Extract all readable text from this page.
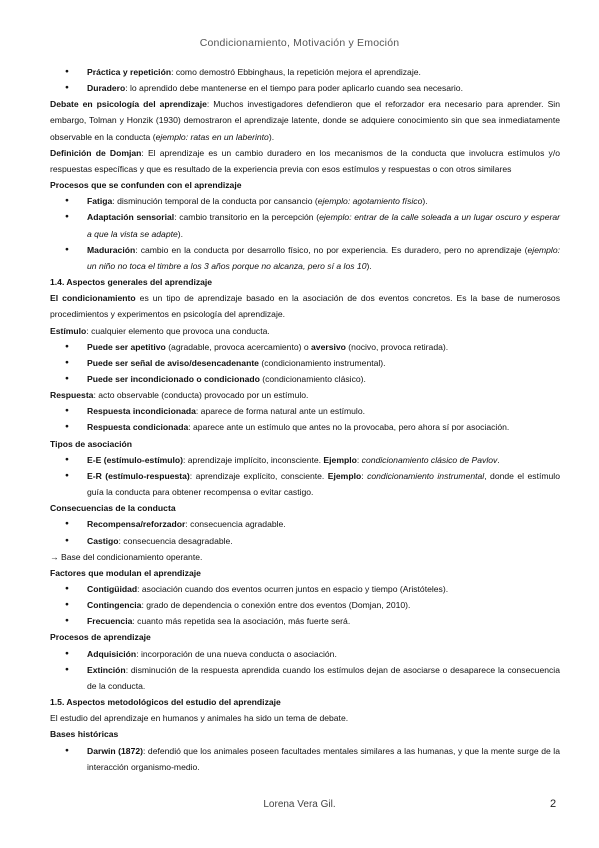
Condicionamiento, Motivación y Emoción
● Práctica y repetición: como demostró Ebbinghaus, la repetición mejora el aprendizaje.
● Duradero: lo aprendido debe mantenerse en el tiempo para poder aplicarlo cuando sea necesario.

Debate en psicología del aprendizaje: Muchos investigadores defendieron que el reforzador era necesario para aprender. Sin embargo, Tolman y Honzik (1930) demostraron el aprendizaje latente, donde se adquiere conocimiento sin que sea inmediatamente observable en la conducta (ejemplo: ratas en un laberinto).

Definición de Domjan: El aprendizaje es un cambio duradero en los mecanismos de la conducta que involucra estímulos y/o respuestas específicas y que es resultado de la experiencia previa con esos estímulos y respuestas o con otros similares

Procesos que se confunden con el aprendizaje

● Fatiga: disminución temporal de la conducta por cansancio (ejemplo: agotamiento físico).
● Adaptación sensorial: cambio transitorio en la percepción (ejemplo: entrar de la calle soleada a un lugar oscuro y esperar a que la vista se adapte).
● Maduración: cambio en la conducta por desarrollo físico, no por experiencia. Es duradero, pero no aprendizaje (ejemplo: un niño no toca el timbre a los 3 años porque no alcanza, pero sí a los 10).

1.4. Aspectos generales del aprendizaje

El condicionamiento es un tipo de aprendizaje basado en la asociación de dos eventos concretos. Es la base de numerosos procedimientos y experimentos en psicología del aprendizaje.

Estímulo: cualquier elemento que provoca una conducta.

● Puede ser apetitivo (agradable, provoca acercamiento) o aversivo (nocivo, provoca retirada).
● Puede ser señal de aviso/desencadenante (condicionamiento instrumental).
● Puede ser incondicionado o condicionado (condicionamiento clásico).

Respuesta: acto observable (conducta) provocado por un estímulo.

● Respuesta incondicionada: aparece de forma natural ante un estímulo.
● Respuesta condicionada: aparece ante un estímulo que antes no la provocaba, pero ahora sí por asociación.

Tipos de asociación

● E-E (estímulo-estímulo): aprendizaje implícito, inconsciente. Ejemplo: condicionamiento clásico de Pavlov.
● E-R (estímulo-respuesta): aprendizaje explícito, consciente. Ejemplo: condicionamiento instrumental, donde el estímulo guía la conducta para obtener recompensa o evitar castigo.

Consecuencias de la conducta

● Recompensa/reforzador: consecuencia agradable.
● Castigo: consecuencia desagradable.

→ Base del condicionamiento operante.

Factores que modulan el aprendizaje

● Contigüidad: asociación cuando dos eventos ocurren juntos en espacio y tiempo (Aristóteles).
● Contingencia: grado de dependencia o conexión entre dos eventos (Domjan, 2010).
● Frecuencia: cuanto más repetida sea la asociación, más fuerte será.

Procesos de aprendizaje

● Adquisición: incorporación de una nueva conducta o asociación.
● Extinción: disminución de la respuesta aprendida cuando los estímulos dejan de asociarse o desaparece la consecuencia de la conducta.

1.5. Aspectos metodológicos del estudio del aprendizaje

El estudio del aprendizaje en humanos y animales ha sido un tema de debate.

Bases históricas

● Darwin (1872): defendió que los animales poseen facultades mentales similares a las humanas, y que la mente surge de la interacción organismo-medio.
Lorena Vera Gil.	2
